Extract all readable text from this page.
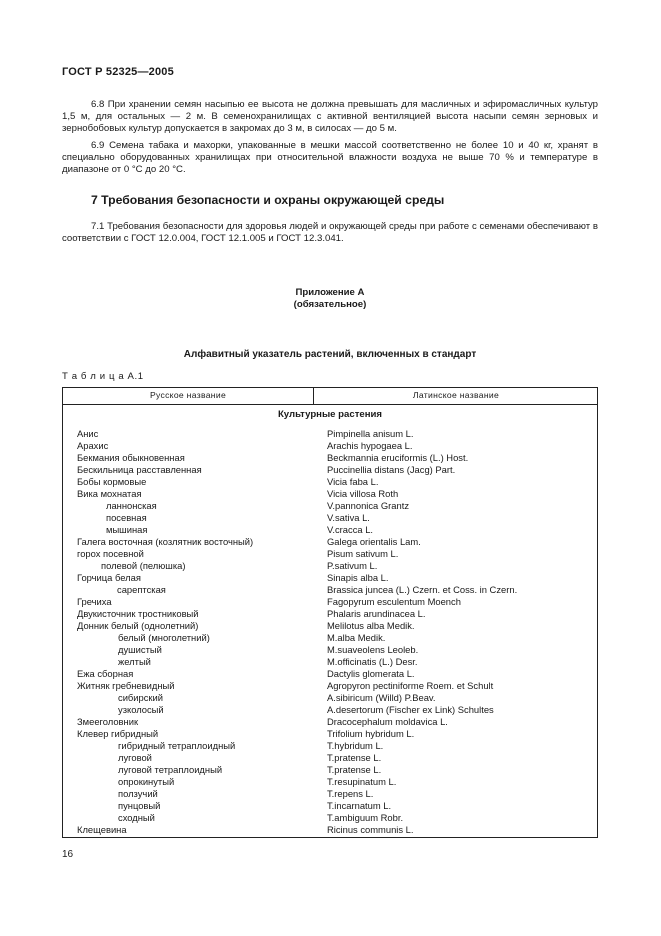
ГОСТ Р 52325—2005

6.8 При хранении семян насыпью ее высота не должна превышать для масличных и эфиромасличных культур 1,5 м, для остальных — 2 м. В семенохранилищах с активной вентиляцией высота насыпи семян зерновых и зернобобовых культур допускается в закромах до 3 м, в силосах — до 5 м.

6.9 Семена табака и махорки, упакованные в мешки массой соответственно не более 10 и 40 кг, хранят в специально оборудованных хранилищах при относительной влажности воздуха не выше 70 % и температуре в диапазоне от 0 °С до 20 °С.

7 Требования безопасности и охраны окружающей среды

7.1 Требования безопасности для здоровья людей и окружающей среды при работе с семенами обеспечивают в соответствии с ГОСТ 12.0.004, ГОСТ 12.1.005 и ГОСТ 12.3.041.

Приложение А
(обязательное)
Алфавитный указатель растений, включенных в стандарт
Т а б л и ц а А.1
Русское название	Латинское название
Культурные растения
Анис	Pimpinella anisum L.
Арахис	Arachis hypogaea L.
Бекмания обыкновенная	Beckmannia eruciformis (L.) Host.
Бескильница расставленная	Puccinellia distans (Jacg) Part.
Бобы кормовые	Vicia faba L.
Вика мохнатая	Vicia villosa Roth
ланнонская	V.pannonica Grantz
посевная	V.sativa L.
мышиная	V.cracca L.
Галега восточная (козлятник восточный)	Galega orientalis Lam.
горох посевной	Pisum sativum L.
полевой (пелюшка)	P.sativum L.
Горчица белая	Sinapis alba L.
сарептская	Brassica juncea (L.) Czern. et Coss. in Czern.
Гречиха	Fagopyrum esculentum Moench
Двукисточник тростниковый	Phalaris arundinacea L.
Донник белый (однолетний)	Melilotus alba Medik.
белый (многолетний)	M.alba Medik.
душистый	M.suaveolens Leoleb.
желтый	M.officinatis (L.) Desr.
Ежа сборная	Dactylis glomerata L.
Житняк гребневидный	Agropyron pectiniforme Roem. et Schult
сибирский	A.sibiricum (Willd) P.Beav.
узколосый	A.desertorum (Fischer ex Link) Schultes
Змееголовник	Dracocephalum moldavica L.
Клевер гибридный	Trifolium hybridum L.
гибридный тетраплоидный	T.hybridum L.
луговой	T.pratense L.
луговой тетраплоидный	T.pratense L.
опрокинутый	T.resupinatum L.
ползучий	T.repens L.
пунцовый	T.incarnatum L.
сходный	T.ambiguum Robr.
Клещевина	Ricinus communis L.
16
